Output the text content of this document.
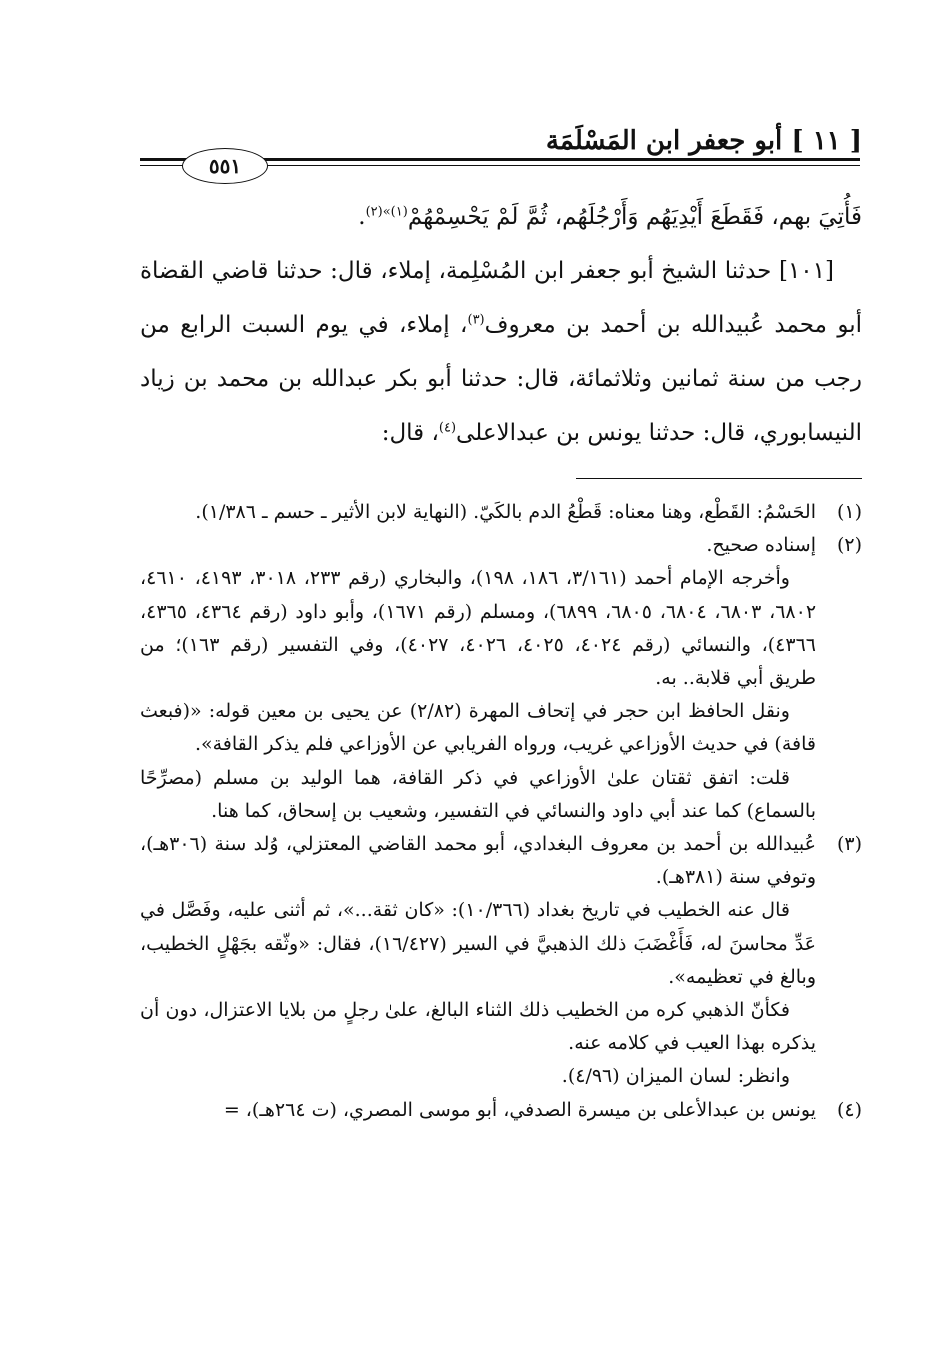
[ ١١ ] أبو جعفر ابن المَسْلَمَة
٥٥١

فَأُتِيَ بهم، فَقَطَعَ أَيْدِيَهُم وَأَرْجُلَهُم، ثُمَّ لَمْ يَحْسِمْهُمْ$^{(١)»(٢)}$.

[١٠١] حدثنا الشيخ أبو جعفر ابن المُسْلِمة، إملاء، قال: حدثنا قاضي القضاة أبو محمد عُبيدالله بن أحمد بن معروف$^{(٣)}$، إملاء، في يوم السبت الرابع من رجب من سنة ثمانين وثلاثمائة، قال: حدثنا أبو بكر عبدالله بن محمد بن زياد النيسابوري، قال: حدثنا يونس بن عبدالاعلى$^{(٤)}$، قال:

(١)

الحَسْمُ: القَطْع، وهنا معناه: قَطْعُ الدم بالكَيّ. (النهاية لابن الأثير ـ حسم ـ ١/٣٨٦).

(٢)

إسناده صحيح.

وأخرجه الإمام أحمد (٣/١٦١، ١٨٦، ١٩٨)، والبخاري (رقم ٢٣٣، ٣٠١٨، ٤١٩٣، ٤٦١٠، ٦٨٠٢، ٦٨٠٣، ٦٨٠٤، ٦٨٠٥، ٦٨٩٩)، ومسلم (رقم ١٦٧١)، وأبو داود (رقم ٤٣٦٤، ٤٣٦٥، ٤٣٦٦)، والنسائي (رقم ٤٠٢٤، ٤٠٢٥، ٤٠٢٦، ٤٠٢٧)، وفي التفسير (رقم ١٦٣)؛ من طريق أبي قلابة.. به.

ونقل الحافظ ابن حجر في إتحاف المهرة (٢/٨٢) عن يحيى بن معين قوله: «(فبعث قافة) في حديث الأوزاعي غريب، ورواه الفريابي عن الأوزاعي فلم يذكر القافة».

قلت: اتفق ثقتان علىٰ الأوزاعي في ذكر القافة، هما الوليد بن مسلم (مصرِّحًا بالسماع) كما عند أبي داود والنسائي في التفسير، وشعيب بن إسحاق، كما هنا.

(٣)

عُبيدالله بن أحمد بن معروف البغدادي، أبو محمد القاضي المعتزلي، وُلد سنة (٣٠٦هـ)، وتوفي سنة (٣٨١هـ).

قال عنه الخطيب في تاريخ بغداد (١٠/٣٦٦): «كان ثقة...»، ثم أثنى عليه، وفَصَّل في عَدِّ محاسنَ له، فَأَغْضَبَ ذلك الذهبيَّ في السير (١٦/٤٢٧)، فقال: «وثّقه بجَهْلٍ الخطيب، وبالغ في تعظيمه».

فكأنّ الذهبي كره من الخطيب ذلك الثناء البالغ، علىٰ رجلٍ من بلايا الاعتزال، دون أن يذكره بهذا العيب في كلامه عنه.

وانظر: لسان الميزان (٤/٩٦).

(٤)

يونس بن عبدالأعلى بن ميسرة الصدفي، أبو موسى المصري، (ت ٢٦٤هـ)، =
